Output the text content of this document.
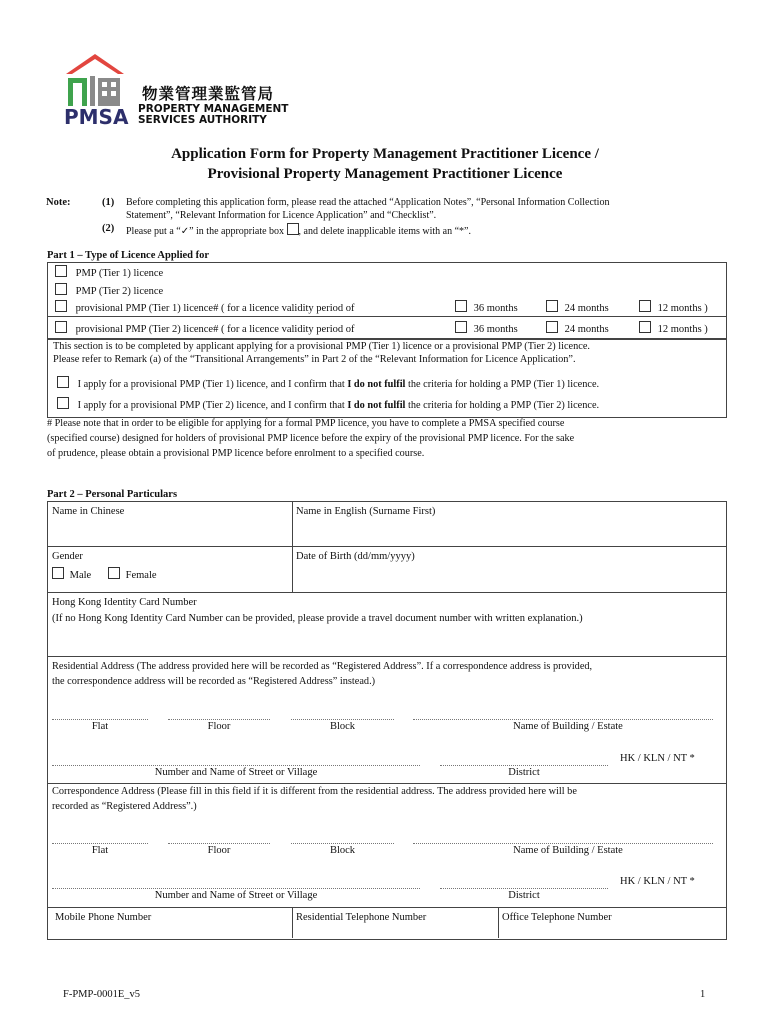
物業管理業監管局
PROPERTY MANAGEMENT
SERVICES AUTHORITY
PMSA
Application Form for Property Management Practitioner Licence /
Provisional Property Management Practitioner Licence
Note:	(1) Before completing this application form, please read the attached “Application Notes”, “Personal Information Collection
Statement”, “Relevant Information for Licence Application” and “Checklist”.
(2) Please put a “✓” in the appropriate box , and delete inapplicable items with an “*”.
Part 1 – Type of Licence Applied for
PMP (Tier 1) licence
PMP (Tier 2) licence
provisional PMP (Tier 1) licence# ( for a licence validity period of	36 months	24 months	12 months )
provisional PMP (Tier 2) licence# ( for a licence validity period of	36 months	24 months	12 months )
This section is to be completed by applicant applying for a provisional PMP (Tier 1) licence or a provisional PMP (Tier 2) licence.
Please refer to Remark (a) of the “Transitional Arrangements” in Part 2 of the “Relevant Information for Licence Application”.
I apply for a provisional PMP (Tier 1) licence, and I confirm that I do not fulfil the criteria for holding a PMP (Tier 1) licence.
I apply for a provisional PMP (Tier 2) licence, and I confirm that I do not fulfil the criteria for holding a PMP (Tier 2) licence.
# Please note that in order to be eligible for applying for a formal PMP licence, you have to complete a PMSA specified course
(specified course) designed for holders of provisional PMP licence before the expiry of the provisional PMP licence. For the sake
of prudence, please obtain a provisional PMP licence before enrolment to a specified course.
Part 2 – Personal Particulars
Name in Chinese	Name in English (Surname First)
Gender
Male	Female
Date of Birth (dd/mm/yyyy)
Hong Kong Identity Card Number
(If no Hong Kong Identity Card Number can be provided, please provide a travel document number with written explanation.)
Residential Address (The address provided here will be recorded as “Registered Address”. If a correspondence address is provided,
the correspondence address will be recorded as “Registered Address” instead.)
Flat	Floor	Block	Name of Building / Estate
HK / KLN / NT *
Number and Name of Street or Village	District
Correspondence Address (Please fill in this field if it is different from the residential address. The address provided here will be
recorded as “Registered Address”.)
Flat	Floor	Block	Name of Building / Estate
HK / KLN / NT *
Number and Name of Street or Village	District
Mobile Phone Number	Residential Telephone Number	Office Telephone Number
F-PMP-0001E_v5	1
